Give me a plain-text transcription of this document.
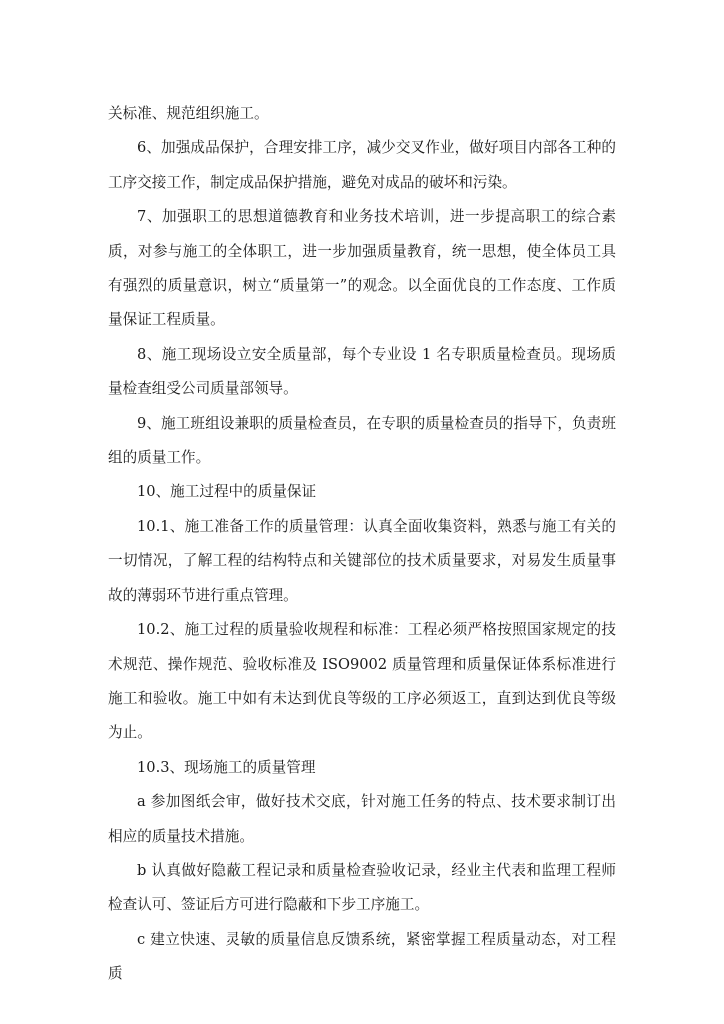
关标准、规范组织施工。

6、加强成品保护，合理安排工序，减少交叉作业，做好项目内部各工种的工序交接工作，制定成品保护措施，避免对成品的破坏和污染。

7、加强职工的思想道德教育和业务技术培训，进一步提高职工的综合素质，对参与施工的全体职工，进一步加强质量教育，统一思想，使全体员工具有强烈的质量意识，树立“质量第一”的观念。以全面优良的工作态度、工作质量保证工程质量。

8、施工现场设立安全质量部，每个专业设 1 名专职质量检查员。现场质量检查组受公司质量部领导。

9、施工班组设兼职的质量检查员，在专职的质量检查员的指导下，负责班组的质量工作。

10、施工过程中的质量保证

10.1、施工准备工作的质量管理：认真全面收集资料，熟悉与施工有关的一切情况，了解工程的结构特点和关键部位的技术质量要求，对易发生质量事故的薄弱环节进行重点管理。

10.2、施工过程的质量验收规程和标准：工程必须严格按照国家规定的技术规范、操作规范、验收标准及 ISO9002 质量管理和质量保证体系标准进行施工和验收。施工中如有未达到优良等级的工序必须返工，直到达到优良等级为止。

10.3、现场施工的质量管理

a 参加图纸会审，做好技术交底，针对施工任务的特点、技术要求制订出相应的质量技术措施。

b 认真做好隐蔽工程记录和质量检查验收记录，经业主代表和监理工程师检查认可、签证后方可进行隐蔽和下步工序施工。

c 建立快速、灵敏的质量信息反馈系统，紧密掌握工程质量动态，对工程质
